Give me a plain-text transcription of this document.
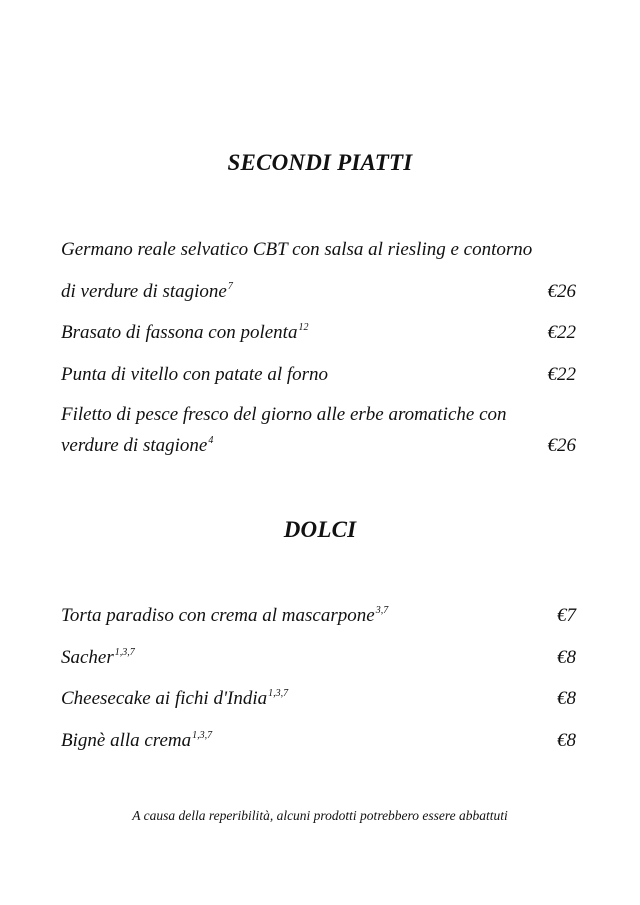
SECONDI PIATTI
Germano reale selvatico CBT con salsa al riesling e contorno
di verdure di stagione$^7$	€26
Brasato di fassona con polenta$^{12}$	€22
Punta di vitello con patate al forno	€22
Filetto di pesce fresco del giorno alle erbe aromatiche con
verdure di stagione$^4$	€26
DOLCI
Torta paradiso con crema al mascarpone$^{3,7}$	€7
Sacher$^{1,3,7}$	€8
Cheesecake ai fichi d'India$^{1,3,7}$	€8
Bignè alla crema$^{1,3,7}$	€8
A causa della reperibilità, alcuni prodotti potrebbero essere abbattuti
